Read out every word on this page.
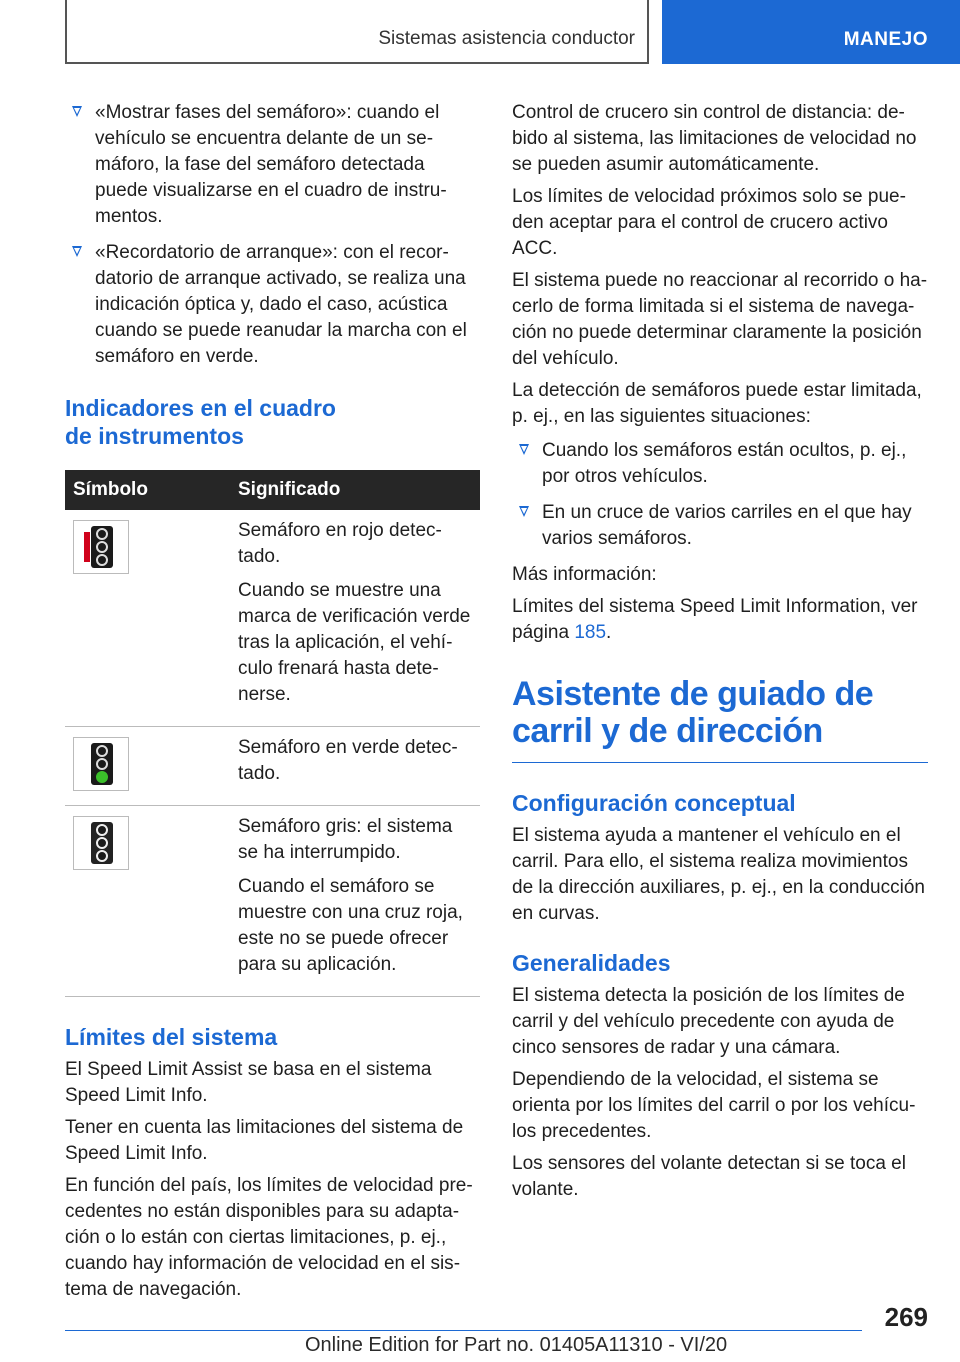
Sistemas asistencia conductor	MANEJO
«Mostrar fases del semáforo»: cuando el vehículo se encuentra delante de un semáforo, la fase del semáforo detectada puede visualizarse en el cuadro de instrumentos.
«Recordatorio de arranque»: con el recordatorio de arranque activado, se realiza una indicación óptica y, dado el caso, acústica cuando se puede reanudar la marcha con el semáforo en verde.
Indicadores en el cuadro de instrumentos
Símbolo	Significado

	Semáforo en rojo detectado.

Cuando se muestre una marca de verificación verde tras la aplicación, el vehículo frenará hasta detenerse.

	Semáforo en verde detectado.

	Semáforo gris: el sistema se ha interrumpido.

Cuando el semáforo se muestre con una cruz roja, este no se puede ofrecer para su aplicación.

Límites del sistema

El Speed Limit Assist se basa en el sistema Speed Limit Info.

Tener en cuenta las limitaciones del sistema de Speed Limit Info.

En función del país, los límites de velocidad precedentes no están disponibles para su adaptación o lo están con ciertas limitaciones, p. ej., cuando hay información de velocidad en el sistema de navegación.

Control de crucero sin control de distancia: debido al sistema, las limitaciones de velocidad no se pueden asumir automáticamente.

Los límites de velocidad próximos solo se pueden aceptar para el control de crucero activo ACC.

El sistema puede no reaccionar al recorrido o hacerlo de forma limitada si el sistema de navegación no puede determinar claramente la posición del vehículo.

La detección de semáforos puede estar limitada, p. ej., en las siguientes situaciones:

Cuando los semáforos están ocultos, p. ej., por otros vehículos.
En un cruce de varios carriles en el que hay varios semáforos.

Más información:

Límites del sistema Speed Limit Information, ver página 185.

Asistente de guiado de carril y de dirección
Configuración conceptual

El sistema ayuda a mantener el vehículo en el carril. Para ello, el sistema realiza movimientos de la dirección auxiliares, p. ej., en la conducción en curvas.

Generalidades

El sistema detecta la posición de los límites de carril y del vehículo precedente con ayuda de cinco sensores de radar y una cámara.

Dependiendo de la velocidad, el sistema se orienta por los límites del carril o por los vehículos precedentes.

Los sensores del volante detectan si se toca el volante.

269
Online Edition for Part no. 01405A11310 - VI/20
